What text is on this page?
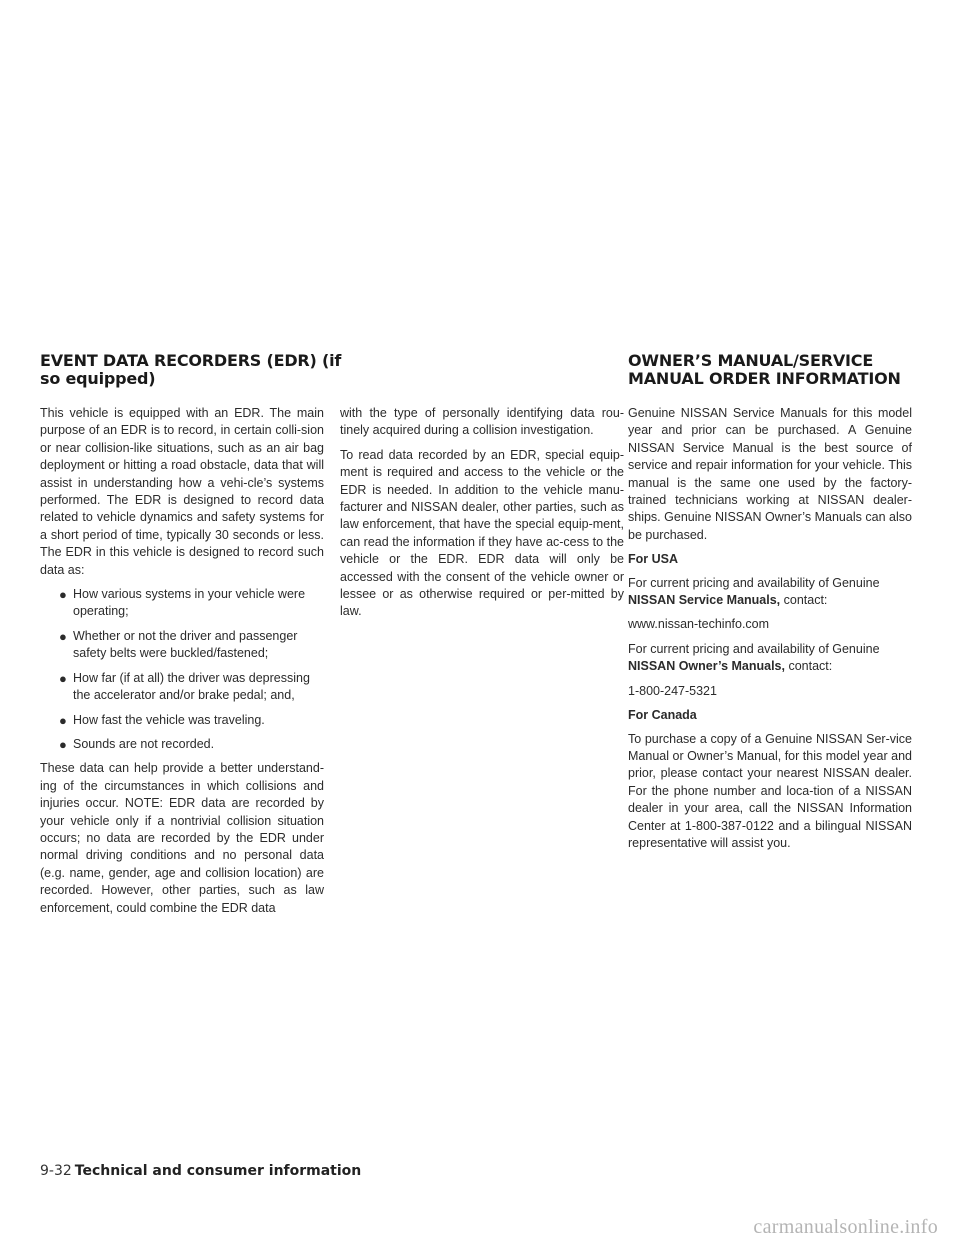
EVENT DATA RECORDERS (EDR) (if
so equipped)
OWNER’S MANUAL/SERVICE
MANUAL ORDER INFORMATION

This vehicle is equipped with an EDR. The main purpose of an EDR is to record, in certain colli-sion or near collision-like situations, such as an air bag deployment or hitting a road obstacle, data that will assist in understanding how a vehi-cle’s systems performed. The EDR is designed to record data related to vehicle dynamics and safety systems for a short period of time, typically 30 seconds or less. The EDR in this vehicle is designed to record such data as:

● How various systems in your vehicle were operating;
● Whether or not the driver and passenger safety belts were buckled/fastened;
● How far (if at all) the driver was depressing the accelerator and/or brake pedal; and,
● How fast the vehicle was traveling.
● Sounds are not recorded.

These data can help provide a better understand-ing of the circumstances in which collisions and injuries occur. NOTE: EDR data are recorded by your vehicle only if a nontrivial collision situation occurs; no data are recorded by the EDR under normal driving conditions and no personal data (e.g. name, gender, age and collision location) are recorded. However, other parties, such as law enforcement, could combine the EDR data

with the type of personally identifying data rou-tinely acquired during a collision investigation.

To read data recorded by an EDR, special equip-ment is required and access to the vehicle or the EDR is needed. In addition to the vehicle manu-facturer and NISSAN dealer, other parties, such as law enforcement, that have the special equip-ment, can read the information if they have ac-cess to the vehicle or the EDR. EDR data will only be accessed with the consent of the vehicle owner or lessee or as otherwise required or per-mitted by law.

Genuine NISSAN Service Manuals for this model year and prior can be purchased. A Genuine NISSAN Service Manual is the best source of service and repair information for your vehicle. This manual is the same one used by the factory-trained technicians working at NISSAN dealer-ships. Genuine NISSAN Owner’s Manuals can also be purchased.

For USA

For current pricing and availability of Genuine
NISSAN Service Manuals, contact:

www.nissan-techinfo.com

For current pricing and availability of Genuine
NISSAN Owner’s Manuals, contact:

1-800-247-5321

For Canada

To purchase a copy of a Genuine NISSAN Ser-vice Manual or Owner’s Manual, for this model year and prior, please contact your nearest NISSAN dealer. For the phone number and loca-tion of a NISSAN dealer in your area, call the NISSAN Information Center at 1-800-387-0122 and a bilingual NISSAN representative will assist you.

9-32 Technical and consumer information
carmanualsonline.info
